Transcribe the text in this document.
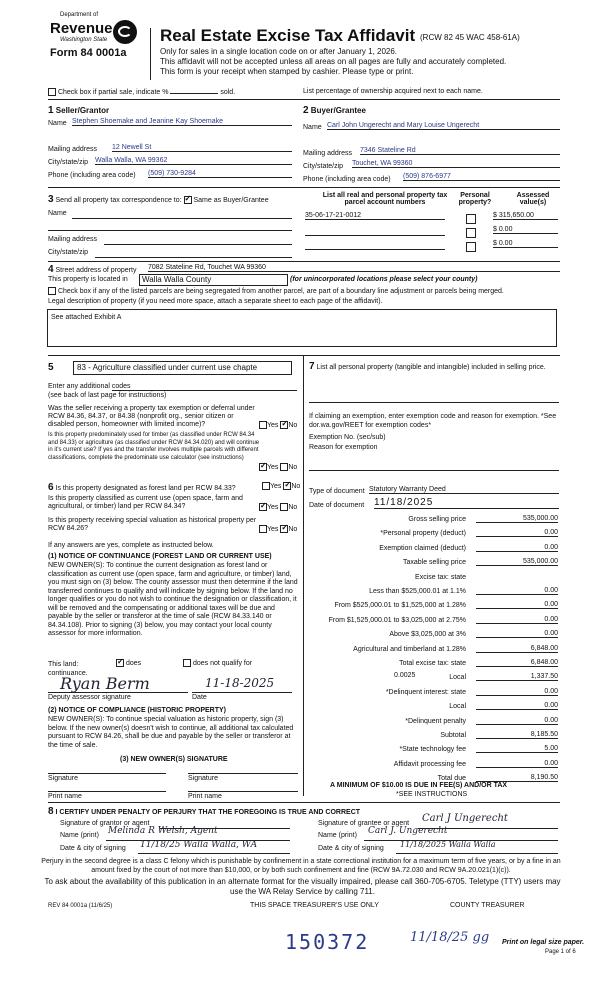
Department of
Revenue
Washington State
Form 84 0001a
Real Estate Excise Tax Affidavit (RCW 82 45 WAC 458-61A)
Only for sales in a single location code on or after January 1, 2026.
This affidavit will not be accepted unless all areas on all pages are fully and accurately completed.
This form is your receipt when stamped by cashier. Please type or print.
Check box if partial sale, indicate %	sold.	List percentage of ownership acquired next to each name.
1 Seller/Grantor
Name Stephen Shoemake and Jeanine Kay Shoemake
Mailing address 12 Newell St
City/state/zip Walla Walla, WA 99362
Phone (including area code) (509) 730-9284
2 Buyer/Grantee
Name Carl John Ungerecht and Mary Louise Ungerecht
Mailing address 7346 Stateline Rd
City/state/zip Touchet, WA 99360
Phone (including area code) (509) 876-6977
3 Send all property tax correspondence to: ✓ Same as Buyer/Grantee
Name
Mailing address
City/state/zip
List all real and personal property tax
parcel account numbers
Personal
property?
Assessed
value(s)
35-06-17-21-0012	$ 315,650.00
$ 0.00
$ 0.00
4 Street address of property 7082 Stateline Rd, Touchet WA 99360
This property is located in	Walla Walla County	(for unincorporated locations please select your county)
Check box if any of the listed parcels are being segregated from another parcel, are part of a boundary line adjustment or parcels being merged.
Legal description of property (if you need more space, attach a separate sheet to each page of the affidavit).
See attached Exhibit A
5	83 - Agriculture classified under current use chapte
Enter any additional codes
(see back of last page for instructions)
Was the seller receiving a property tax exemption or deferral under RCW 84.36, 84.37, or 84.38 (nonprofit org., senior citizen or disabled person, homeowner with limited income)?	Yes ✓ No
Is this property predominately used for timber (as classified under RCW 84.34 and 84.33) or agriculture (as classified under RCW 84.34.020) and will continue in it's current use? If yes and the transfer involves multiple parcels with different classifications, complete the predominate use calculator (see instructions)
✓Yes No
6 Is this property designated as forest land per RCW 84.33?	Yes ✓ No
Is this property classified as current use (open space, farm and agricultural, or timber) land per RCW 84.34? ✓	Yes No
Is this property receiving special valuation as historical property per RCW 84.26?	Yes ✓ No
If any answers are yes, complete as instructed below.
(1) NOTICE OF CONTINUANCE (FOREST LAND OR CURRENT USE)
NEW OWNER(S): To continue the current designation as forest land or classification as current use (open space, farm and agriculture, or timber) land, you must sign on (3) below. The county assessor must then determine if the land transferred continues to qualify and will indicate by signing below. If the land no longer qualifies or you do not wish to continue the designation or classification, it will be removed and the compensating or additional taxes will be due and payable by the seller or transferor at the time of sale (RCW 84.33.140 or 84.34.108). Prior to signing (3) below, you may contact your local county assessor for more information.
This land: ✓	does	does not qualify for
continuance.
Ryan Berm	11-18-2025
Deputy assessor signature	Date
(2) NOTICE OF COMPLIANCE (HISTORIC PROPERTY)
NEW OWNER(S): To continue special valuation as historic property, sign (3) below. If the new owner(s) doesn't wish to continue, all additional tax calculated pursuant to RCW 84.26, shall be due and payable by the seller or transferor at the time of sale.
(3) NEW OWNER(S) SIGNATURE
Signature	Signature
Print name	Print name
7 List all personal property (tangible and intangible) included in selling price.
If claiming an exemption, enter exemption code and reason for exemption. *See dor.wa.gov/REET for exemption codes*
Exemption No. (sec/sub)
Reason for exemption
Type of document Statutory Warranty Deed
Date of document 11/18/2025
Gross selling price	535,000.00
*Personal property (deduct)	0.00
Exemption claimed (deduct)	0.00
Taxable selling price	535,000.00
Excise tax: state
Less than $525,000.01 at 1.1%	0.00
From $525,000.01 to $1,525,000 at 1.28%	0.00
From $1,525,000.01 to $3,025,000 at 2.75%	0.00
Above $3,025,000 at 3%	0.00
Agricultural and timberland at 1.28%	6,848.00
Total excise tax: state	6,848.00
Local	1,337.50
*Delinquent interest: state	0.00
Local	0.00
*Delinquent penalty	0.00
Subtotal	8,185.50
*State technology fee	5.00
Affidavit processing fee	0.00
Total due	8,190.50
0.0025
A MINIMUM OF $10.00 IS DUE IN FEE(S) AND/OR TAX
*SEE INSTRUCTIONS
8 I CERTIFY UNDER PENALTY OF PERJURY THAT THE FOREGOING IS TRUE AND CORRECT
Signature of grantor or agent
Name (print) Melinda R Welsh, Agent
Date & city of signing 11/18/25 Walla Walla, WA
Signature of grantee or agent Carl J Ungerecht
Name (print) Carl J. Ungerecht
Date & city of signing 11/18/2025 Walla Walla
Perjury in the second degree is a class C felony which is punishable by confinement in a state correctional institution for a maximum term of five years, or by a fine in an amount fixed by the court of not more than $10,000, or by both such confinement and fine (RCW 9A.72.030 and RCW 9A.20.021(1)(c)).
To ask about the availability of this publication in an alternate format for the visually impaired, please call 360-705-6705. Teletype (TTY) users may use the WA Relay Service by calling 711.
REV 84 0001a (11/6/25)	THIS SPACE TREASURER'S USE ONLY	COUNTY TREASURER
150372	11/18/25 gg Print on legal size paper.
Page 1 of 6
